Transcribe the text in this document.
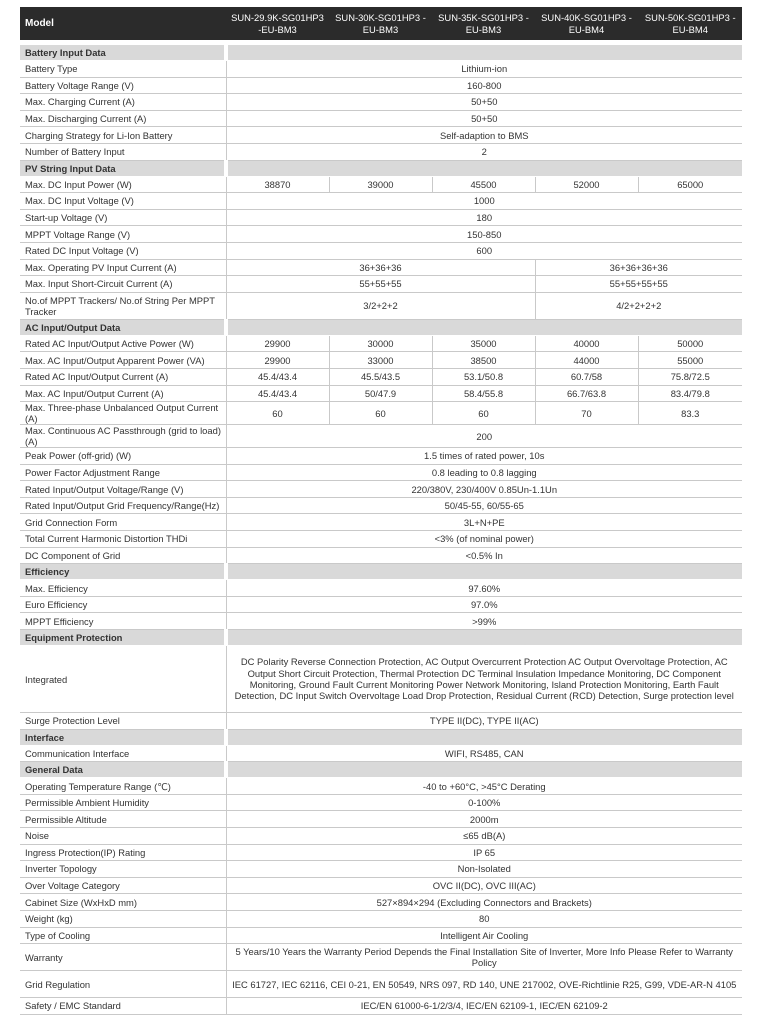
Model	SUN-29.9K-SG01HP3 -EU-BM3	SUN-30K-SG01HP3 -EU-BM3	SUN-35K-SG01HP3 -EU-BM3	SUN-40K-SG01HP3 -EU-BM4	SUN-50K-SG01HP3 -EU-BM4

Battery Input Data					
Battery Type	Lithium-ion				
Battery Voltage Range (V)	160-800				
Max. Charging Current (A)	50+50				
Max. Discharging Current (A)	50+50				
Charging Strategy for Li-Ion Battery	Self-adaption to BMS				
Number of Battery Input	2				
PV String Input Data					
Max. DC Input Power (W)	38870	39000	45500	52000	65000
Max. DC Input Voltage (V)	1000				
Start-up Voltage (V)	180				
MPPT Voltage Range (V)	150-850				
Rated DC Input Voltage (V)	600				
Max. Operating PV Input Current (A)	36+36+36			36+36+36+36	
Max. Input Short-Circuit Current (A)	55+55+55			55+55+55+55	
No.of MPPT Trackers/ No.of String Per MPPT Tracker	3/2+2+2			4/2+2+2+2	
AC Input/Output Data					
Rated AC Input/Output Active Power (W)	29900	30000	35000	40000	50000
Max. AC Input/Output Apparent Power (VA)	29900	33000	38500	44000	55000
Rated AC Input/Output Current (A)	45.4/43.4	45.5/43.5	53.1/50.8	60.7/58	75.8/72.5
Max. AC Input/Output Current (A)	45.4/43.4	50/47.9	58.4/55.8	66.7/63.8	83.4/79.8
Max. Three-phase Unbalanced Output Current (A)	60	60	60	70	83.3
Max. Continuous AC Passthrough (grid to load) (A)	200				
Peak Power (off-grid) (W)	1.5 times of rated power, 10s				
Power Factor Adjustment Range	0.8 leading to 0.8 lagging				
Rated Input/Output Voltage/Range (V)	220/380V, 230/400V 0.85Un-1.1Un				
Rated Input/Output Grid Frequency/Range(Hz)	50/45-55, 60/55-65				
Grid Connection Form	3L+N+PE				
Total Current Harmonic Distortion THDi	<3% (of nominal power)				
DC Component of Grid	<0.5% In				
Efficiency					
Max. Efficiency	97.60%				
Euro Efficiency	97.0%				
MPPT Efficiency	>99%				
Equipment Protection					
Integrated	DC Polarity Reverse Connection Protection, AC Output Overcurrent Protection AC Output Overvoltage Protection, AC Output Short Circuit Protection, Thermal Protection DC Terminal Insulation Impedance Monitoring, DC Component Monitoring, Ground Fault Current Monitoring Power Network Monitoring, Island Protection Monitoring, Earth Fault Detection, DC Input Switch Overvoltage Load Drop Protection, Residual Current (RCD) Detection, Surge protection level				
Surge Protection Level	TYPE II(DC), TYPE II(AC)				
Interface					
Communication Interface	WIFI, RS485, CAN				
General Data					
Operating Temperature Range (℃)	-40 to +60°C, >45°C Derating				
Permissible Ambient Humidity	0-100%				
Permissible Altitude	2000m				
Noise	≤65 dB(A)				
Ingress Protection(IP) Rating	IP 65				
Inverter Topology	Non-Isolated				
Over Voltage Category	OVC II(DC), OVC III(AC)				
Cabinet Size (WxHxD mm)	527×894×294 (Excluding Connectors and Brackets)				
Weight (kg)	80				
Type of Cooling	Intelligent Air Cooling				
Warranty	5 Years/10 Years the Warranty Period Depends the Final Installation Site of Inverter, More Info Please Refer to Warranty Policy				
Grid Regulation	IEC 61727, IEC 62116, CEI 0-21, EN 50549, NRS 097, RD 140, UNE 217002, OVE-Richtlinie R25, G99, VDE-AR-N 4105				
Safety / EMC Standard	IEC/EN 61000-6-1/2/3/4, IEC/EN 62109-1, IEC/EN 62109-2				
